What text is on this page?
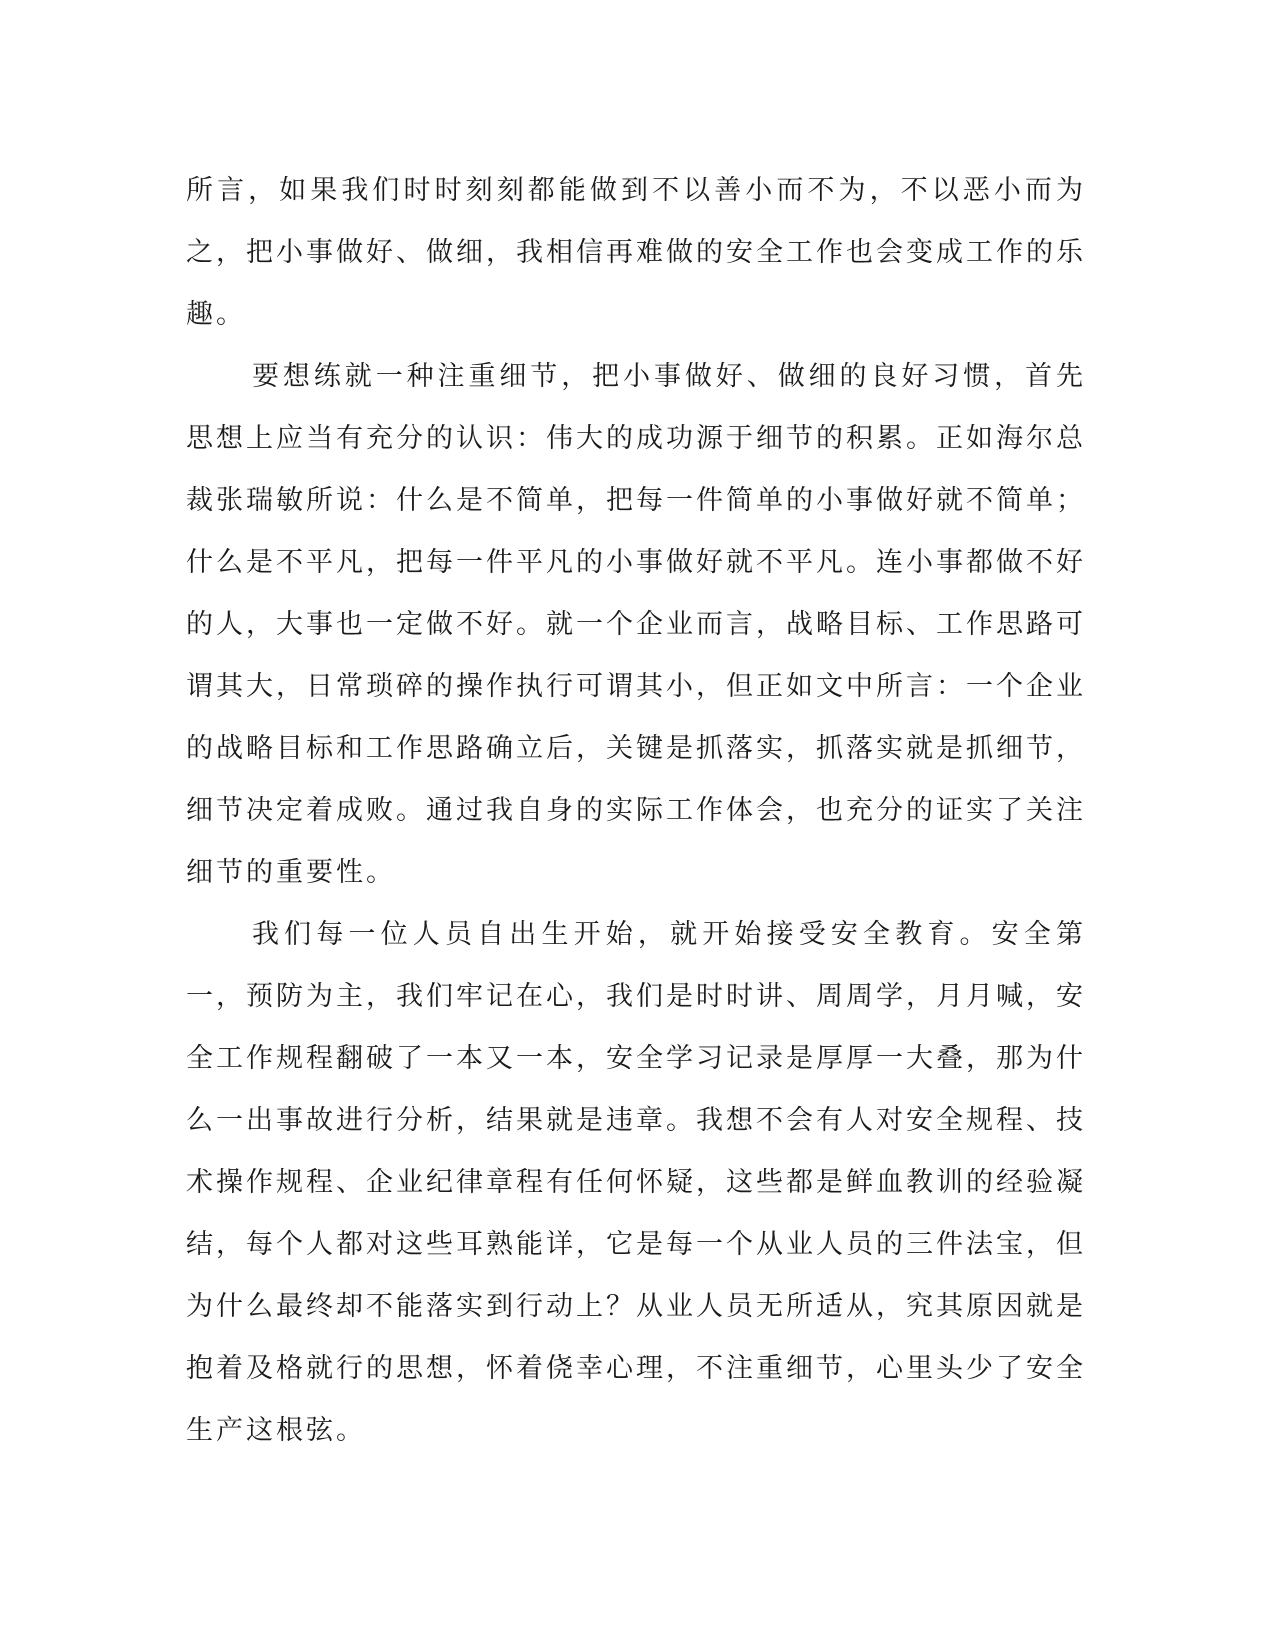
所言，如果我们时时刻刻都能做到不以善小而不为，不以恶小而为之，把小事做好、做细，我相信再难做的安全工作也会变成工作的乐趣。

要想练就一种注重细节，把小事做好、做细的良好习惯，首先思想上应当有充分的认识：伟大的成功源于细节的积累。正如海尔总裁张瑞敏所说：什么是不简单，把每一件简单的小事做好就不简单；什么是不平凡，把每一件平凡的小事做好就不平凡。连小事都做不好的人，大事也一定做不好。就一个企业而言，战略目标、工作思路可谓其大，日常琐碎的操作执行可谓其小，但正如文中所言：一个企业的战略目标和工作思路确立后，关键是抓落实，抓落实就是抓细节，细节决定着成败。通过我自身的实际工作体会，也充分的证实了关注细节的重要性。

我们每一位人员自出生开始，就开始接受安全教育。安全第一，预防为主，我们牢记在心，我们是时时讲、周周学，月月喊，安全工作规程翻破了一本又一本，安全学习记录是厚厚一大叠，那为什么一出事故进行分析，结果就是违章。我想不会有人对安全规程、技术操作规程、企业纪律章程有任何怀疑，这些都是鲜血教训的经验凝结，每个人都对这些耳熟能详，它是每一个从业人员的三件法宝，但为什么最终却不能落实到行动上？从业人员无所适从，究其原因就是抱着及格就行的思想，怀着侥幸心理，不注重细节，心里头少了安全生产这根弦。
